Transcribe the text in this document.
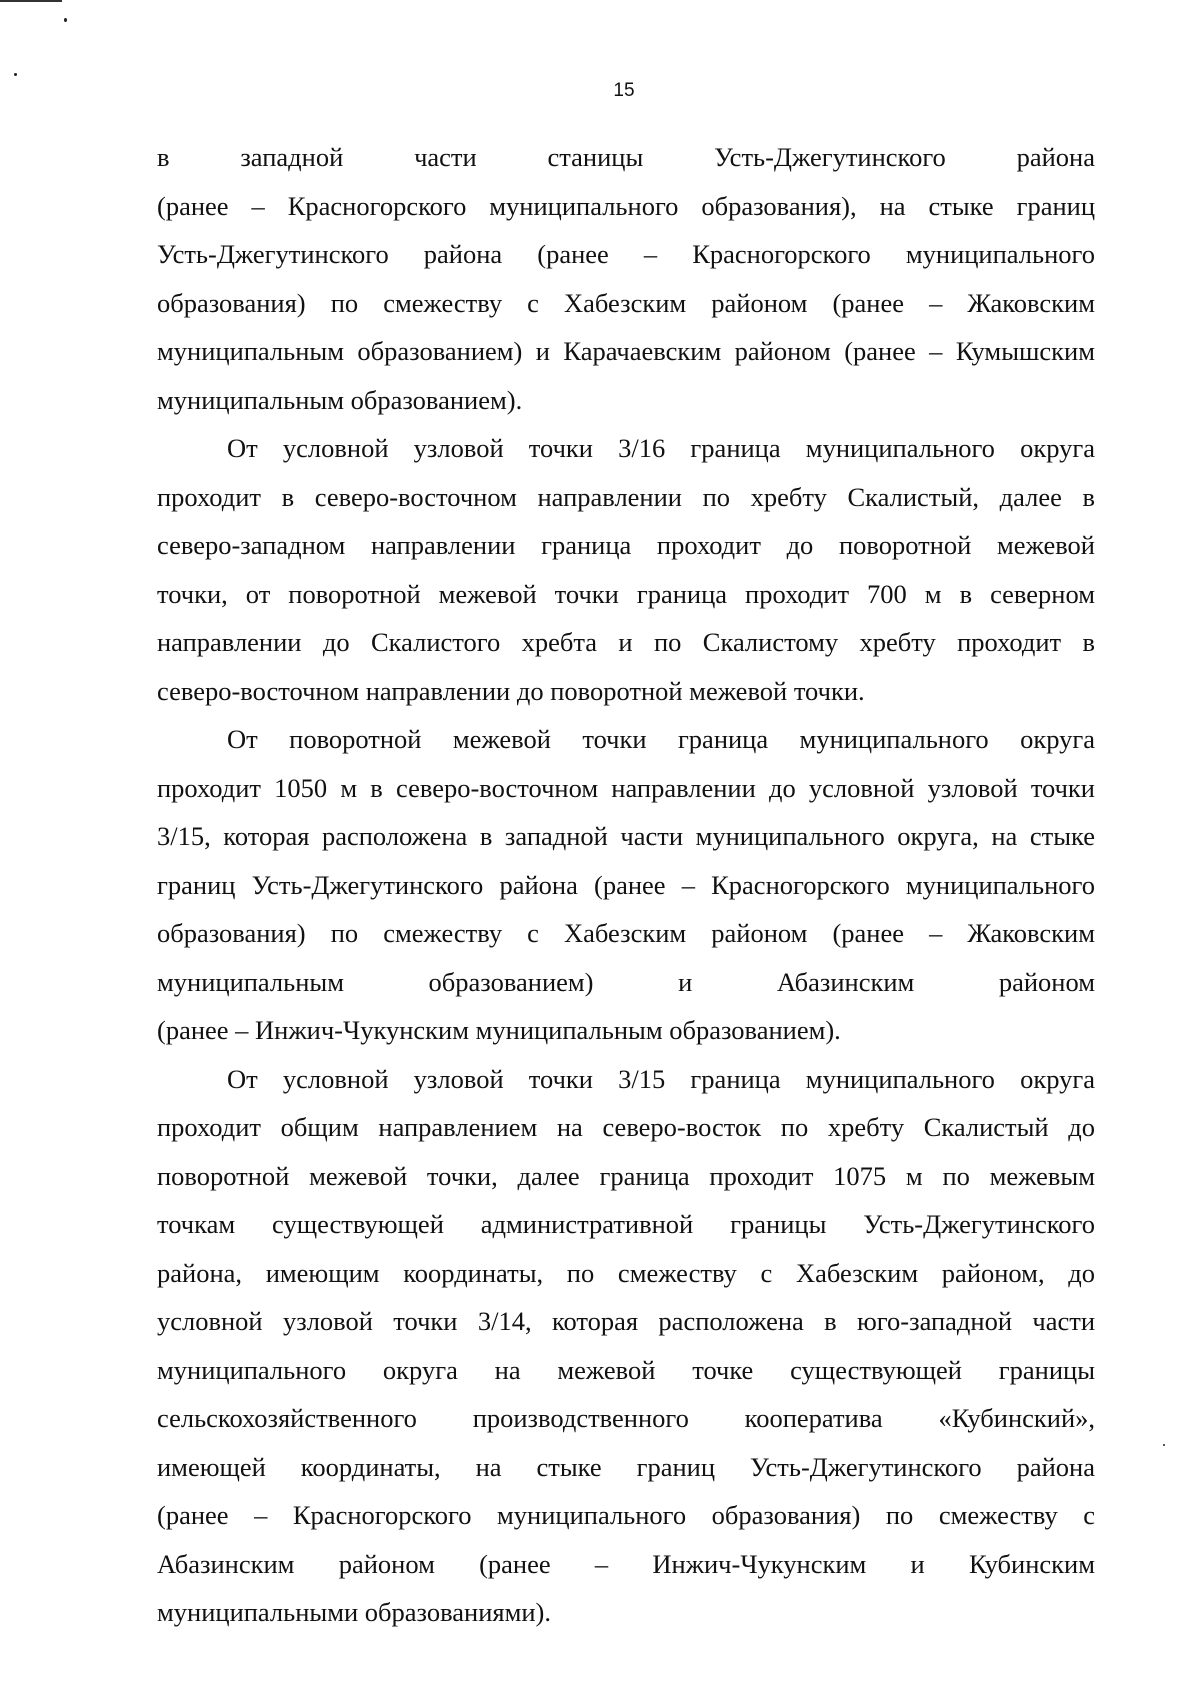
15
в западной части станицы Усть-Джегутинского района
(ранее – Красногорского муниципального образования), на стыке границ
Усть-Джегутинского района (ранее – Красногорского муниципального
образования) по смежеству с Хабезским районом (ранее – Жаковским
муниципальным образованием) и Карачаевским районом (ранее – Кумышским
муниципальным образованием).
От условной узловой точки 3/16 граница муниципального округа
проходит в северо-восточном направлении по хребту Скалистый, далее в
северо-западном направлении граница проходит до поворотной межевой
точки, от поворотной межевой точки граница проходит 700 м в северном
направлении до Скалистого хребта и по Скалистому хребту проходит в
северо-восточном направлении до поворотной межевой точки.
От поворотной межевой точки граница муниципального округа
проходит 1050 м в северо-восточном направлении до условной узловой точки
3/15, которая расположена в западной части муниципального округа, на стыке
границ Усть-Джегутинского района (ранее – Красногорского муниципального
образования) по смежеству с Хабезским районом (ранее – Жаковским
муниципальным образованием) и Абазинским районом
(ранее – Инжич-Чукунским муниципальным образованием).
От условной узловой точки 3/15 граница муниципального округа
проходит общим направлением на северо-восток по хребту Скалистый до
поворотной межевой точки, далее граница проходит 1075 м по межевым
точкам существующей административной границы Усть-Джегутинского
района, имеющим координаты, по смежеству с Хабезским районом, до
условной узловой точки 3/14, которая расположена в юго-западной части
муниципального округа на межевой точке существующей границы
сельскохозяйственного производственного кооператива «Кубинский»,
имеющей координаты, на стыке границ Усть-Джегутинского района
(ранее – Красногорского муниципального образования) по смежеству с
Абазинским районом (ранее – Инжич-Чукунским и Кубинским
муниципальными образованиями).
